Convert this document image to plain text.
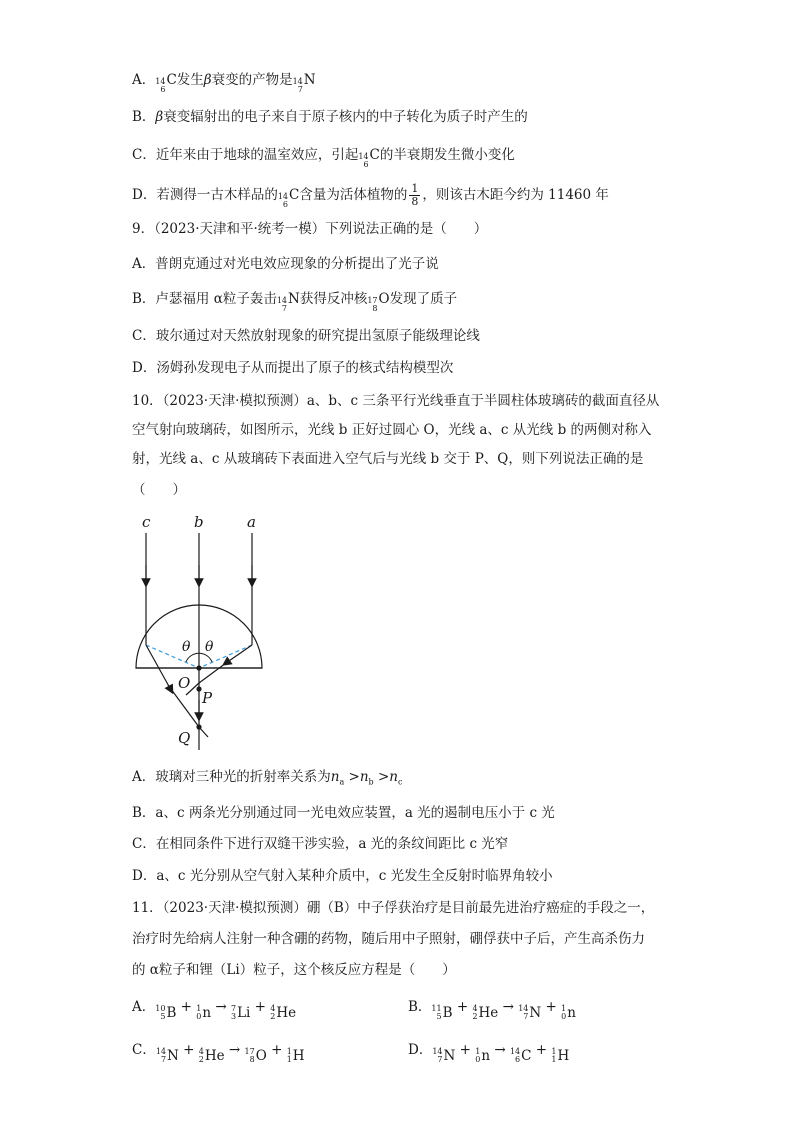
A． 14
6
C发生β衰变的产物是 14
7
N
B．β衰变辐射出的电子来自于原子核内的中子转化为质子时产生的
C．近年来由于地球的温室效应，引起 14
6
C的半衰期发生微小变化
D．若测得一古木样品的 14
6
C含量为活体植物的 $\frac{1}{8}$ ，则该古木距今约为 11460 年
9．（2023·天津和平·统考一模）下列说法正确的是（　　）
A．普朗克通过对光电效应现象的分析提出了光子说
B．卢瑟福用 α粒子轰击 14
7
N获得反冲核 17
8
O发现了质子
C．玻尔通过对天然放射现象的研究提出氢原子能级理论线
D．汤姆孙发现电子从而提出了原子的核式结构模型次
10．（2023·天津·模拟预测）a、b、c 三条平行光线垂直于半圆柱体玻璃砖的截面直径从
空气射向玻璃砖，如图所示，光线 b 正好过圆心 O，光线 a、c 从光线 b 的两侧对称入
射，光线 a、c 从玻璃砖下表面进入空气后与光线 b 交于 P、Q，则下列说法正确的是
（　　）
c	b	a
θ θ
O
P
Q
A．玻璃对三种光的折射率关系为$n_a >n_b >n_c$
B．a、c 两条光分别通过同一光电效应装置，a 光的遏制电压小于 c 光
C．在相同条件下进行双缝干涉实验，a 光的条纹间距比 c 光窄
D．a、c 光分别从空气射入某种介质中，c 光发生全反射时临界角较小
11．（2023·天津·模拟预测）硼（B）中子俘获治疗是目前最先进治疗癌症的手段之一，
治疗时先给病人注射一种含硼的药物，随后用中子照射，硼俘获中子后，产生高杀伤力
的 α粒子和锂（Li）粒子，这个核反应方程是（　　）
A． 10
5 B + 1
0 n → 7
3 Li + 4
2 He	B． 11
5 B + 4
2 He → 14
7 N + 1
0 n
C． 14
7 N + 4
2 He → 17
8 O + 1
1 H	D． 14
7 N + 1
0 n → 14
6 C + 1
1 H
